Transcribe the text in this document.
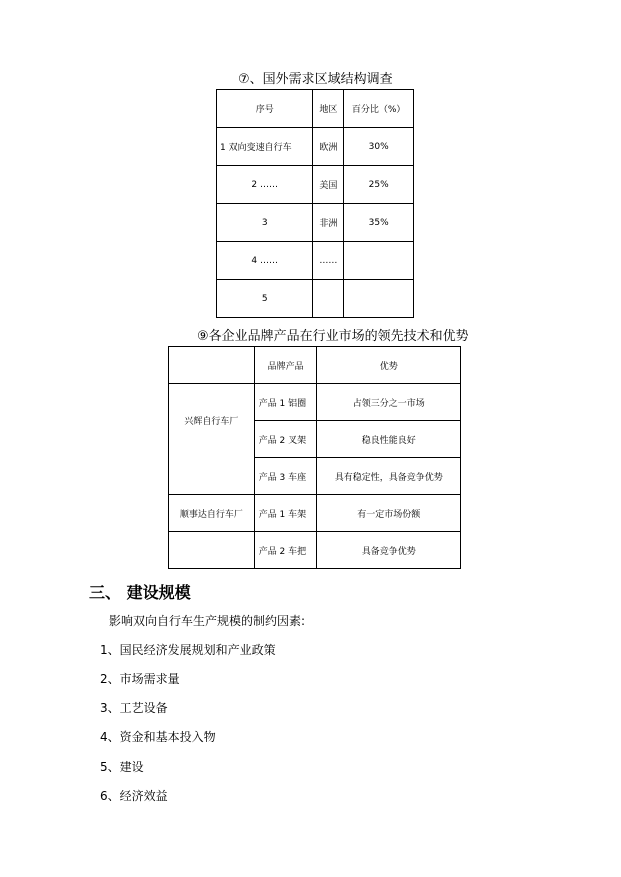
⑦、国外需求区域结构调查
序号	地区	百分比（%）
1 双向变速自行车	欧洲	30%
2 ……	美国	25%
3	非洲	35%
4 ……	……	
5		
⑨各企业品牌产品在行业市场的领先技术和优势
	品牌产品	优势
兴辉自行车厂	产品 1 铝圈	占领三分之一市场
	产品 2 叉架	稳良性能良好
	产品 3 车座	具有稳定性，具备竞争优势
顺事达自行车厂	产品 1 车架	有一定市场份额
	产品 2 车把	具备竞争优势
三、 建设规模
影响双向自行车生产规模的制约因素:
1、国民经济发展规划和产业政策
2、市场需求量
3、工艺设备
4、资金和基本投入物
5、建设
6、经济效益
